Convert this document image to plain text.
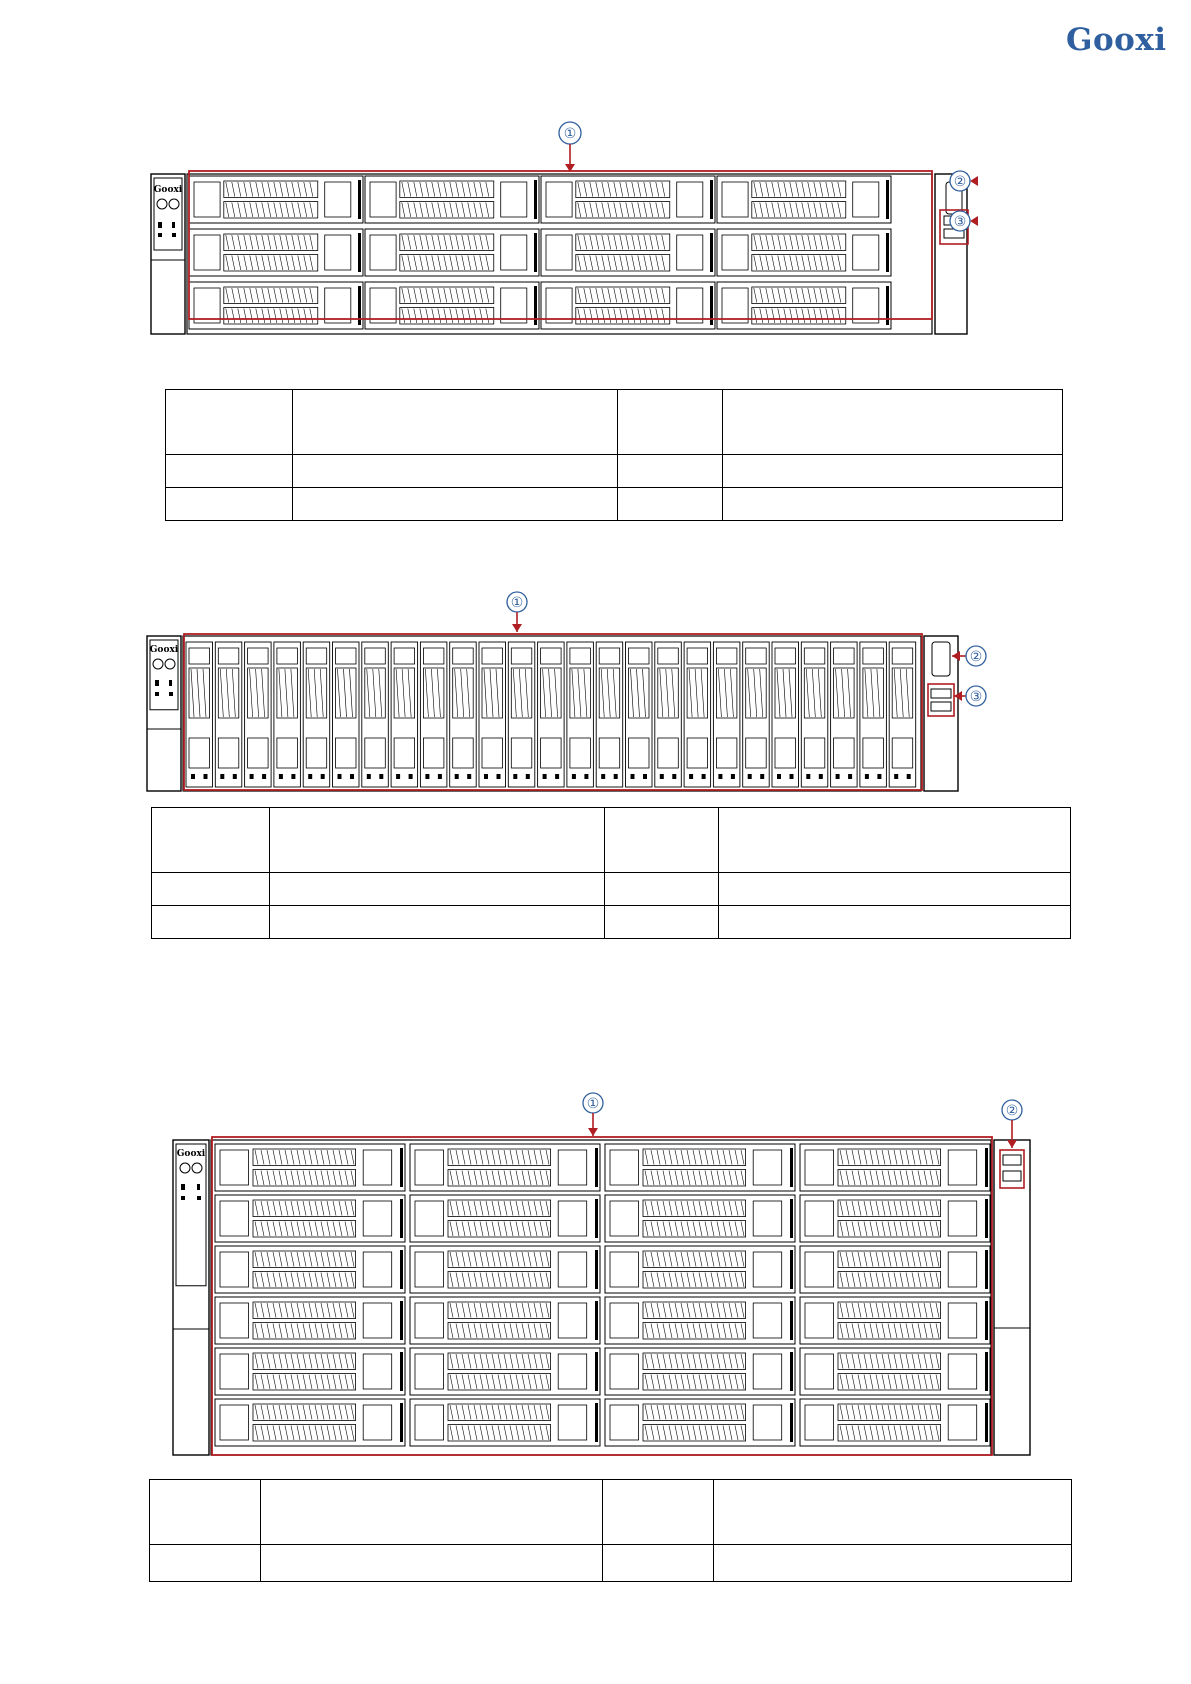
Gooxi
①
Gooxi	②
③

①
Gooxi	②
③

①
Gooxi
②
